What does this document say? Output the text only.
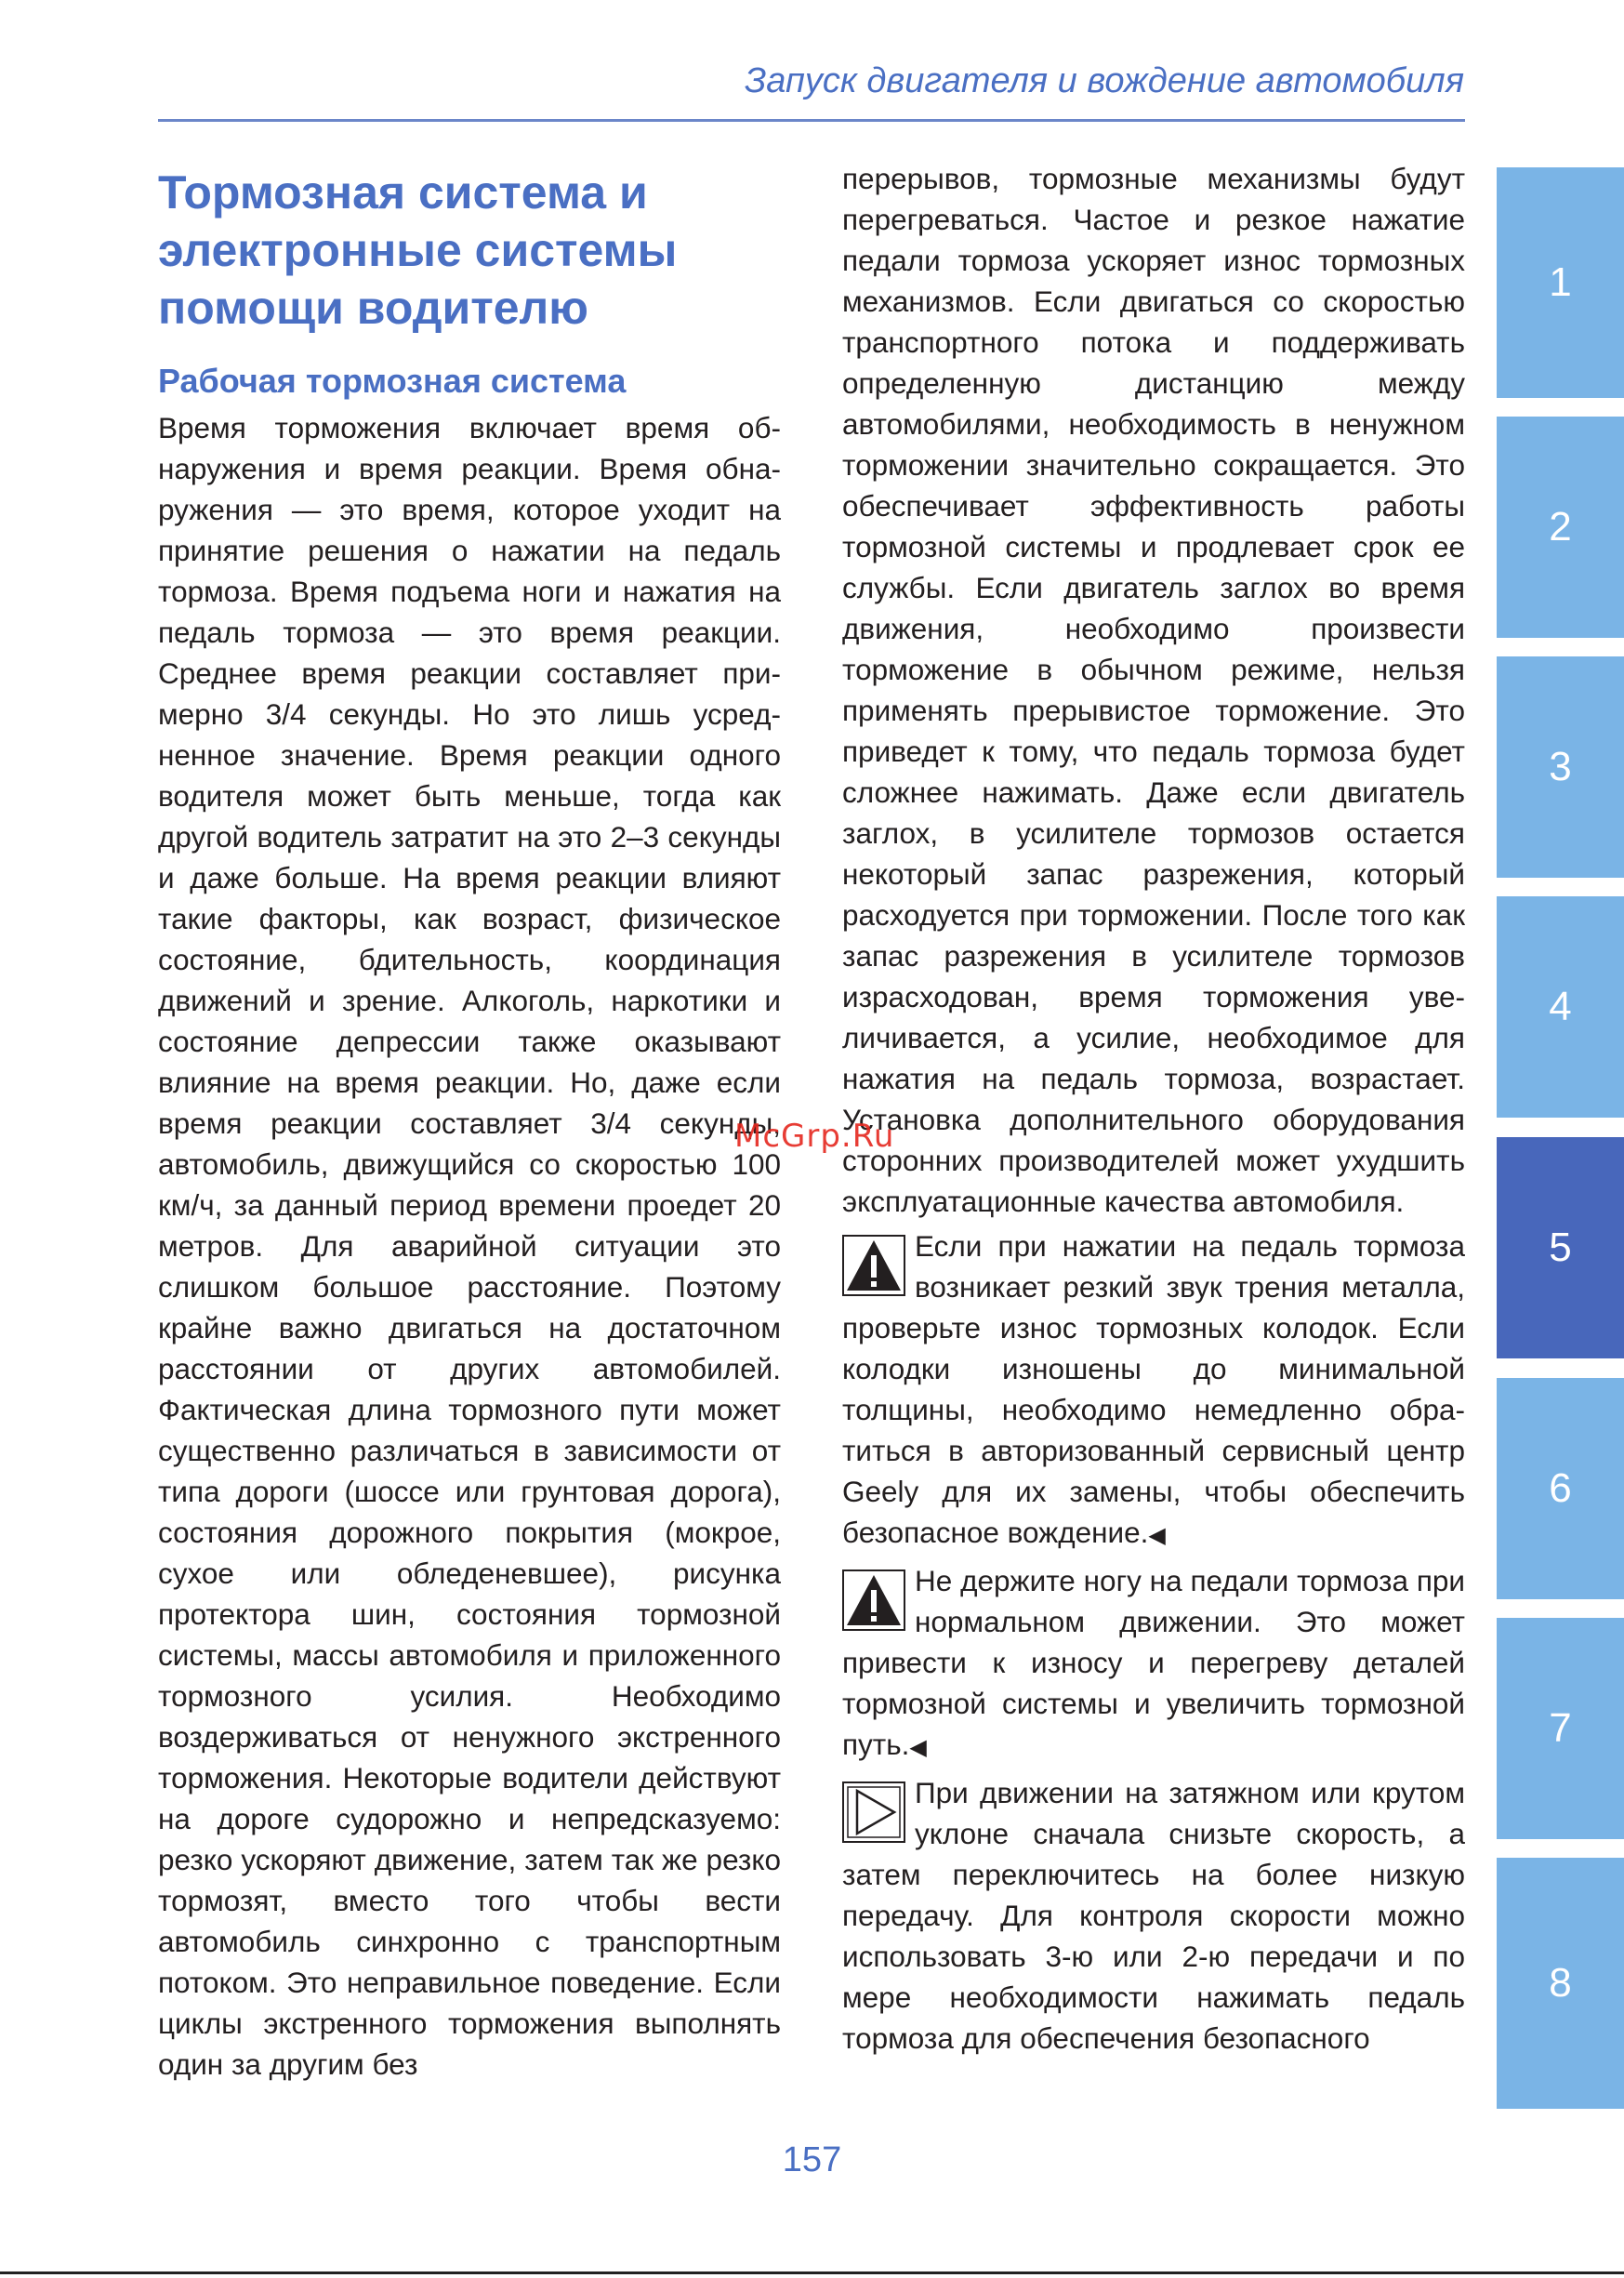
Запуск двигателя и вождение автомобиля
Тормозная система и электронные системы помощи водителю
Рабочая тормозная система

Время торможения включает время обнаружения и время реакции. Время обнаружения — это время, которое уходит на принятие решения о нажатии на педаль тормоза. Время подъема ноги и нажатия на педаль тормоза — это время реакции. Среднее время реакции составляет примерно 3/4 секунды. Но это лишь усредненное значение. Время реакции одного водителя может быть меньше, тогда как другой водитель затратит на это 2–3 секунды и даже больше. На время реакции влияют такие факторы, как возраст, физическое состояние, бдительность, координация движений и зрение. Алкоголь, наркотики и состояние депрессии также оказывают влияние на время реакции. Но, даже если время реакции составляет 3/4 секунды, автомобиль, движущийся со скоростью 100 км/ч, за данный период времени проедет 20 метров. Для аварийной ситуации это слишком большое расстояние. Поэтому крайне важно двигаться на достаточном расстоянии от других автомобилей. Фактическая длина тормозного пути может существенно различаться в зависимости от типа дороги (шоссе или грунтовая дорога), состояния дорожного покрытия (мокрое, сухое или обледеневшее), рисунка протектора шин, состояния тормозной системы, массы автомобиля и приложенного тормозного усилия. Необходимо воздерживаться от ненужного экстренного торможения. Некоторые водители действуют на дороге судорожно и непредсказуемо: резко ускоряют движение, затем так же резко тормозят, вместо того чтобы вести автомобиль синхронно с транспортным потоком. Это неправильное поведение. Если циклы экстренного торможения выполнять один за другим без

перерывов, тормозные механизмы будут перегреваться. Частое и резкое нажатие педали тормоза ускоряет износ тормозных механизмов. Если двигаться со скоростью транспортного потока и поддерживать определенную дистанцию между автомобилями, необходимость в ненужном торможении значительно сокращается. Это обеспечивает эффективность работы тормозной системы и продлевает срок ее службы. Если двигатель заглох во время движения, необходимо произвести торможение в обычном режиме, нельзя применять прерывистое торможение. Это приведет к тому, что педаль тормоза будет сложнее нажимать. Даже если двигатель заглох, в усилителе тормозов остается некоторый запас разрежения, который расходуется при торможении. После того как запас разрежения в усилителе тормозов израсходован, время торможения увеличивается, а усилие, необходимое для нажатия на педаль тормоза, возрастает. Установка дополнительного оборудования сторонних производителей может ухудшить эксплуатационные качества автомобиля.

Если при нажатии на педаль тормоза возникает резкий звук трения металла, проверьте износ тормозных колодок. Если колодки изношены до минимальной толщины, необходимо немедленно обратиться в авторизованный сервисный центр Geely для их замены, чтобы обеспечить безопасное вождение.◀

Не держите ногу на педали тормоза при нормальном движении. Это может привести к износу и перегреву деталей тормозной системы и увеличить тормозной путь.◀

При движении на затяжном или крутом уклоне сначала снизьте скорость, а затем переключитесь на более низкую передачу. Для контроля скорости можно использовать 3-ю или 2-ю передачи и по мере необходимости нажимать педаль тормоза для обеспечения безопасного

1
2
3
4
5
6
7
8
McGrp.Ru
157
